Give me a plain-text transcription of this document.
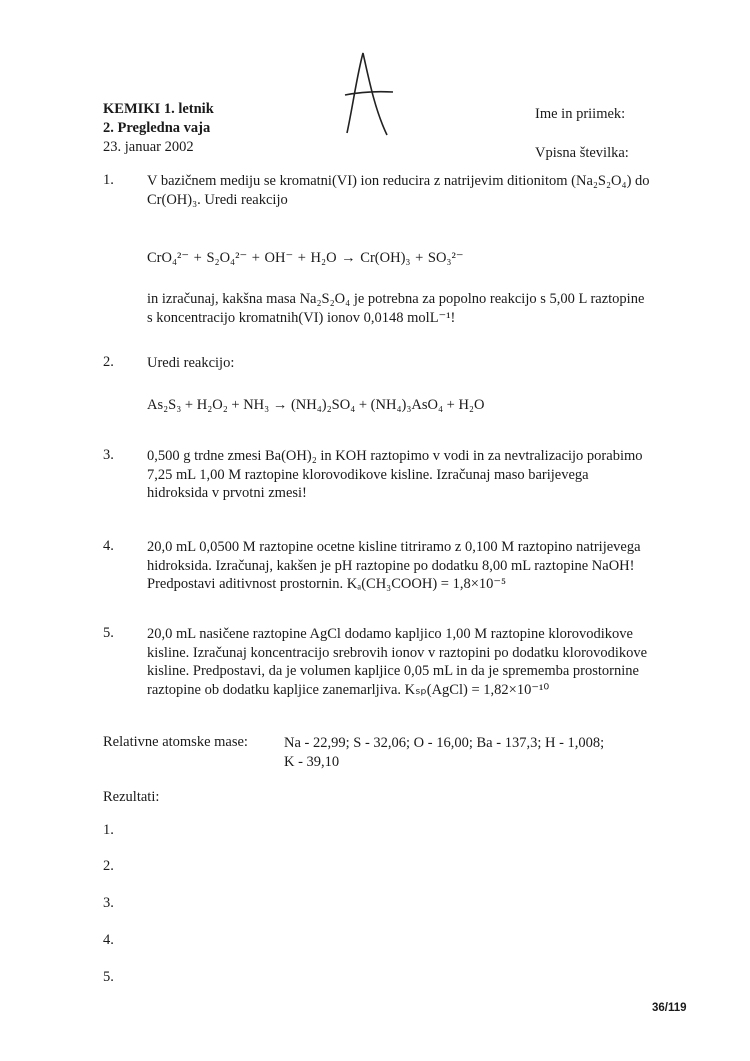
KEMIKI 1. letnik
2. Pregledna vaja
23. januar 2002
Ime in priimek:
Vpisna številka:
1. V bazičnem mediju se kromatni(VI) ion reducira z natrijevim ditionitom (Na₂S₂O₄) do
Cr(OH)₃. Uredi reakcijo
CrO₄²⁻ + S₂O₄²⁻ + OH⁻ + H₂O → Cr(OH)₃ + SO₃²⁻
in izračunaj, kakšna masa Na₂S₂O₄ je potrebna za popolno reakcijo s 5,00 L raztopine
s koncentracijo kromatnih(VI) ionov 0,0148 molL⁻¹!
2. Uredi reakcijo:
As₂S₃ + H₂O₂ + NH₃ → (NH₄)₂SO₄ + (NH₄)₃AsO₄ + H₂O
3. 0,500 g trdne zmesi Ba(OH)₂ in KOH raztopimo v vodi in za nevtralizacijo porabimo
7,25 mL 1,00 M raztopine klorovodikove kisline. Izračunaj maso barijevega
hidroksida v prvotni zmesi!
4. 20,0 mL 0,0500 M raztopine ocetne kisline titriramo z 0,100 M raztopino natrijevega
hidroksida. Izračunaj, kakšen je pH raztopine po dodatku 8,00 mL raztopine NaOH!
Predpostavi aditivnost prostornin. Kₐ(CH₃COOH) = 1,8×10⁻⁵
5. 20,0 mL nasičene raztopine AgCl dodamo kapljico 1,00 M raztopine klorovodikove
kisline. Izračunaj koncentracijo srebrovih ionov v raztopini po dodatku klorovodikove
kisline. Predpostavi, da je volumen kapljice 0,05 mL in da je sprememba prostornine
raztopine ob dodatku kapljice zanemarljiva. Kₛₚ(AgCl) = 1,82×10⁻¹⁰
Relativne atomske mase: Na - 22,99; S - 32,06; O - 16,00; Ba - 137,3; H - 1,008;
K - 39,10
Rezultati:
1.
2.
3.
4.
5.
36/119
